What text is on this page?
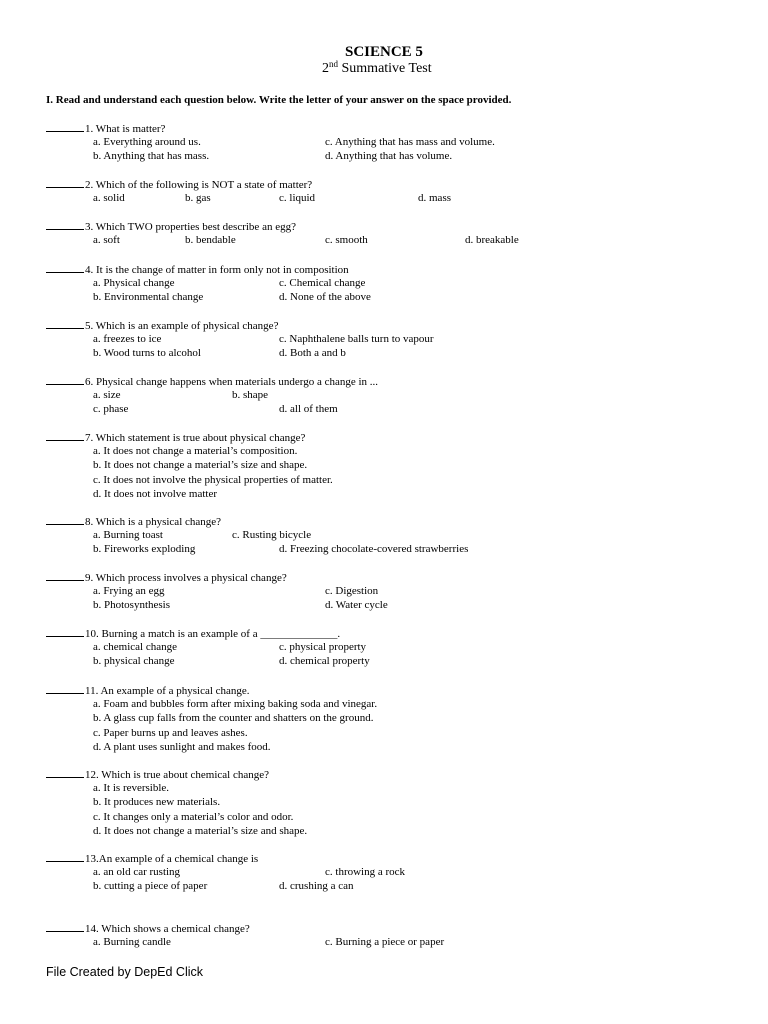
SCIENCE 5
2nd Summative Test
I. Read and understand each question below. Write the letter of your answer on the space provided.
1. What is matter?
a. Everything around us.	c. Anything that has mass and volume.
b. Anything that has mass.	d. Anything that has volume.
2. Which of the following is NOT a state of matter?
a. solid	b. gas	c. liquid	d. mass
3. Which TWO properties best describe an egg?
a. soft	b. bendable	c. smooth	d. breakable
4. It is the change of matter in form only not in composition
a. Physical change	c. Chemical change
b. Environmental change	d. None of the above
5. Which is an example of physical change?
a. freezes to ice	c. Naphthalene balls turn to vapour
b. Wood turns to alcohol	d. Both a and b
6. Physical change happens when materials undergo a change in ...
a. size	b. shape
c. phase	d. all of them
7. Which statement is true about physical change?
a. It does not change a material’s composition.
b. It does not change a material’s size and shape.
c. It does not involve the physical properties of matter.
d. It does not involve matter
8. Which is a physical change?
a. Burning toast	c. Rusting bicycle
b. Fireworks exploding	d. Freezing chocolate-covered strawberries
9. Which process involves a physical change?
a. Frying an egg	c. Digestion
b. Photosynthesis	d. Water cycle
10. Burning a match is an example of a ______________.
a. chemical change	c. physical property
b. physical change	d. chemical property
11. An example of a physical change.
a. Foam and bubbles form after mixing baking soda and vinegar.
b. A glass cup falls from the counter and shatters on the ground.
c. Paper burns up and leaves ashes.
d. A plant uses sunlight and makes food.
12. Which is true about chemical change?
a. It is reversible.
b. It produces new materials.
c. It changes only a material’s color and odor.
d. It does not change a material’s size and shape.
13.An example of a chemical change is
a. an old car rusting	c. throwing a rock
b. cutting a piece of paper	d. crushing a can
14. Which shows a chemical change?
a. Burning candle	c. Burning a piece or paper
File Created by DepEd Click
